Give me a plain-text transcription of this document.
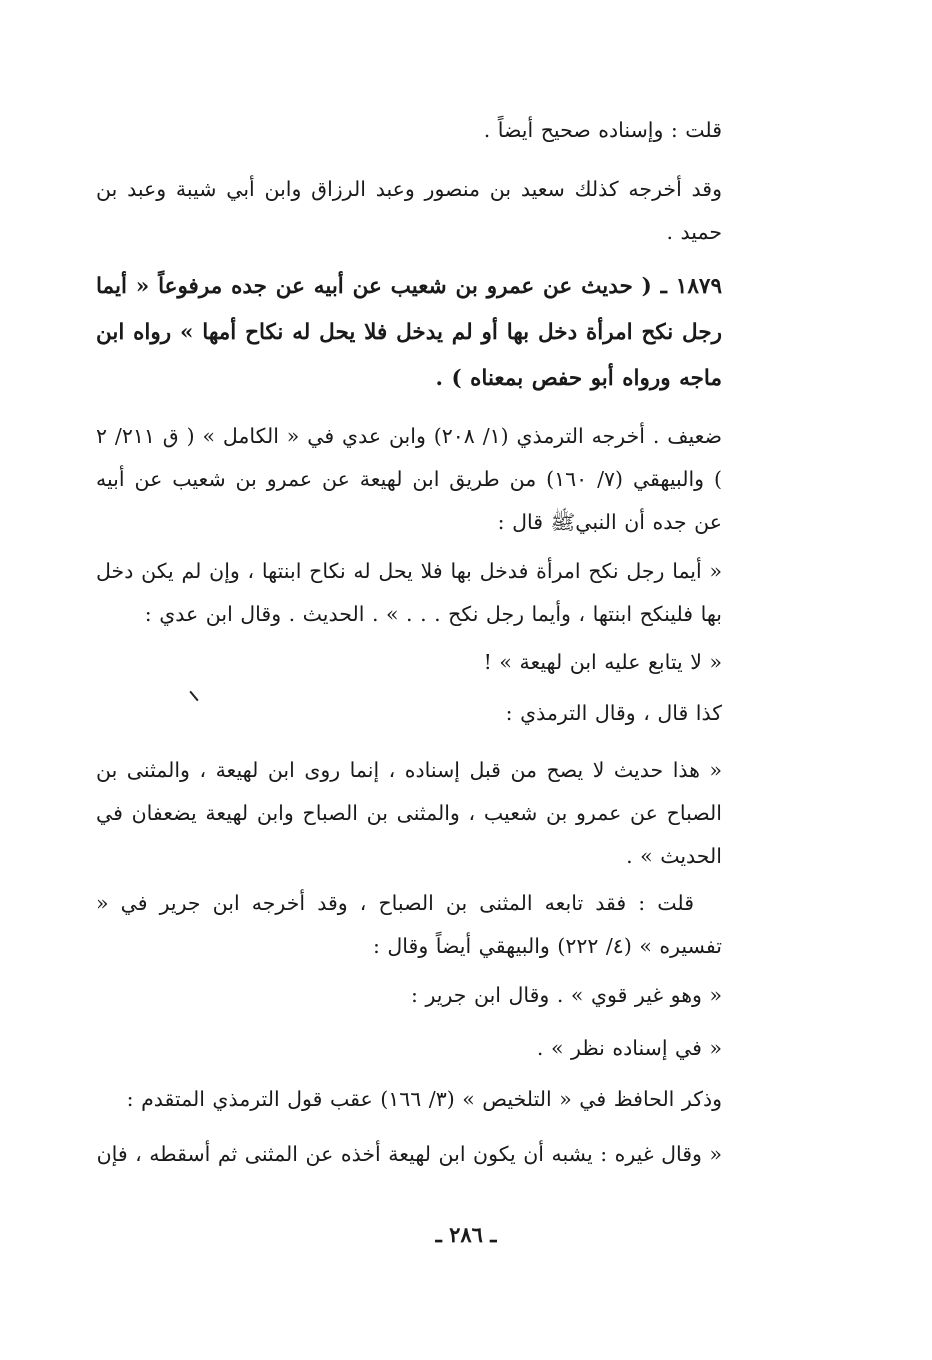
قلت : وإسناده صحيح أيضاً .
وقد أخرجه كذلك سعيد بن منصور وعبد الرزاق وابن أبي شيبة وعبد بن حميد .
١٨٧٩ ـ ( حديث عن عمرو بن شعيب عن أبيه عن جده مرفوعاً « أيما رجل نكح امرأة دخل بها أو لم يدخل فلا يحل له نكاح أمها » رواه ابن ماجه ورواه أبو حفص بمعناه ) .
ضعيف . أخرجه الترمذي (١/ ٢٠٨) وابن عدي في « الكامل » ( ق ٢١١/ ٢ ) والبيهقي (٧/ ١٦٠) من طريق ابن لهيعة عن عمرو بن شعيب عن أبيه عن جده أن النبيﷺ قال :
« أيما رجل نكح امرأة فدخل بها فلا يحل له نكاح ابنتها ، وإن لم يكن دخل بها فلينكح ابنتها ، وأيما رجل نكح . . . » . الحديث . وقال ابن عدي :
« لا يتابع عليه ابن لهيعة » !
كذا قال ، وقال الترمذي :
« هذا حديث لا يصح من قبل إسناده ، إنما روى ابن لهيعة ، والمثنى بن الصباح عن عمرو بن شعيب ، والمثنى بن الصباح وابن لهيعة يضعفان في الحديث » .
قلت : فقد تابعه المثنى بن الصباح ، وقد أخرجه ابن جرير في « تفسيره » (٤/ ٢٢٢) والبيهقي أيضاً وقال :
« وهو غير قوي » . وقال ابن جرير :
« في إسناده نظر » .
وذكر الحافظ في « التلخيص » (٣/ ١٦٦) عقب قول الترمذي المتقدم :
« وقال غيره : يشبه أن يكون ابن لهيعة أخذه عن المثنى ثم أسقطه ، فإن
ـ ٢٨٦ ـ
